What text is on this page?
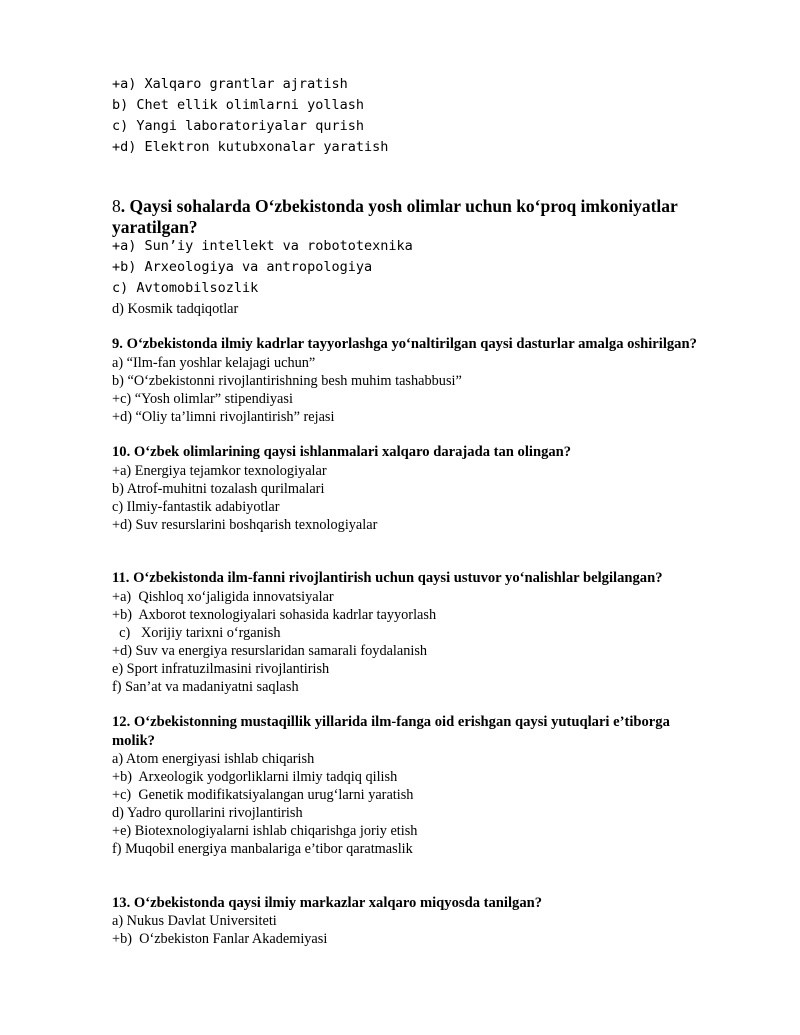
+a) Xalqaro grantlar ajratish
b) Chet ellik olimlarni yollash
c) Yangi laboratoriyalar qurish
+d) Elektron kutubxonalar yaratish
8. Qaysi sohalarda O‘zbekistonda yosh olimlar uchun ko‘proq imkoniyatlar
yaratilgan?
+a) Sun’iy intellekt va robototexnika
+b) Arxeologiya va antropologiya
c) Avtomobilsozlik
d) Kosmik tadqiqotlar
9. O‘zbekistonda ilmiy kadrlar tayyorlashga yo‘naltirilgan qaysi dasturlar amalga oshirilgan?
a) “Ilm-fan yoshlar kelajagi uchun”
b) “O‘zbekistonni rivojlantirishning besh muhim tashabbusi”
+c) “Yosh olimlar” stipendiyasi
+d) “Oliy ta’limni rivojlantirish” rejasi
10. O‘zbek olimlarining qaysi ishlanmalari xalqaro darajada tan olingan?
+a) Energiya tejamkor texnologiyalar
b) Atrof-muhitni tozalash qurilmalari
c) Ilmiy-fantastik adabiyotlar
+d) Suv resurslarini boshqarish texnologiyalar
11. O‘zbekistonda ilm-fanni rivojlantirish uchun qaysi ustuvor yo‘nalishlar belgilangan?
+a)  Qishloq xo‘jaligida innovatsiyalar
+b)  Axborot texnologiyalari sohasida kadrlar tayyorlash
c)   Xorijiy tarixni o‘rganish
+d) Suv va energiya resurslaridan samarali foydalanish
e) Sport infratuzilmasini rivojlantirish
f) San’at va madaniyatni saqlash
12. O‘zbekistonning mustaqillik yillarida ilm-fanga oid erishgan qaysi yutuqlari e’tiborga
molik?
a) Atom energiyasi ishlab chiqarish
+b)  Arxeologik yodgorliklarni ilmiy tadqiq qilish
+c)  Genetik modifikatsiyalangan urug‘larni yaratish
d) Yadro qurollarini rivojlantirish
+e) Biotexnologiyalarni ishlab chiqarishga joriy etish
f) Muqobil energiya manbalariga e’tibor qaratmaslik
13. O‘zbekistonda qaysi ilmiy markazlar xalqaro miqyosda tanilgan?
a) Nukus Davlat Universiteti
+b)  O‘zbekiston Fanlar Akademiyasi
